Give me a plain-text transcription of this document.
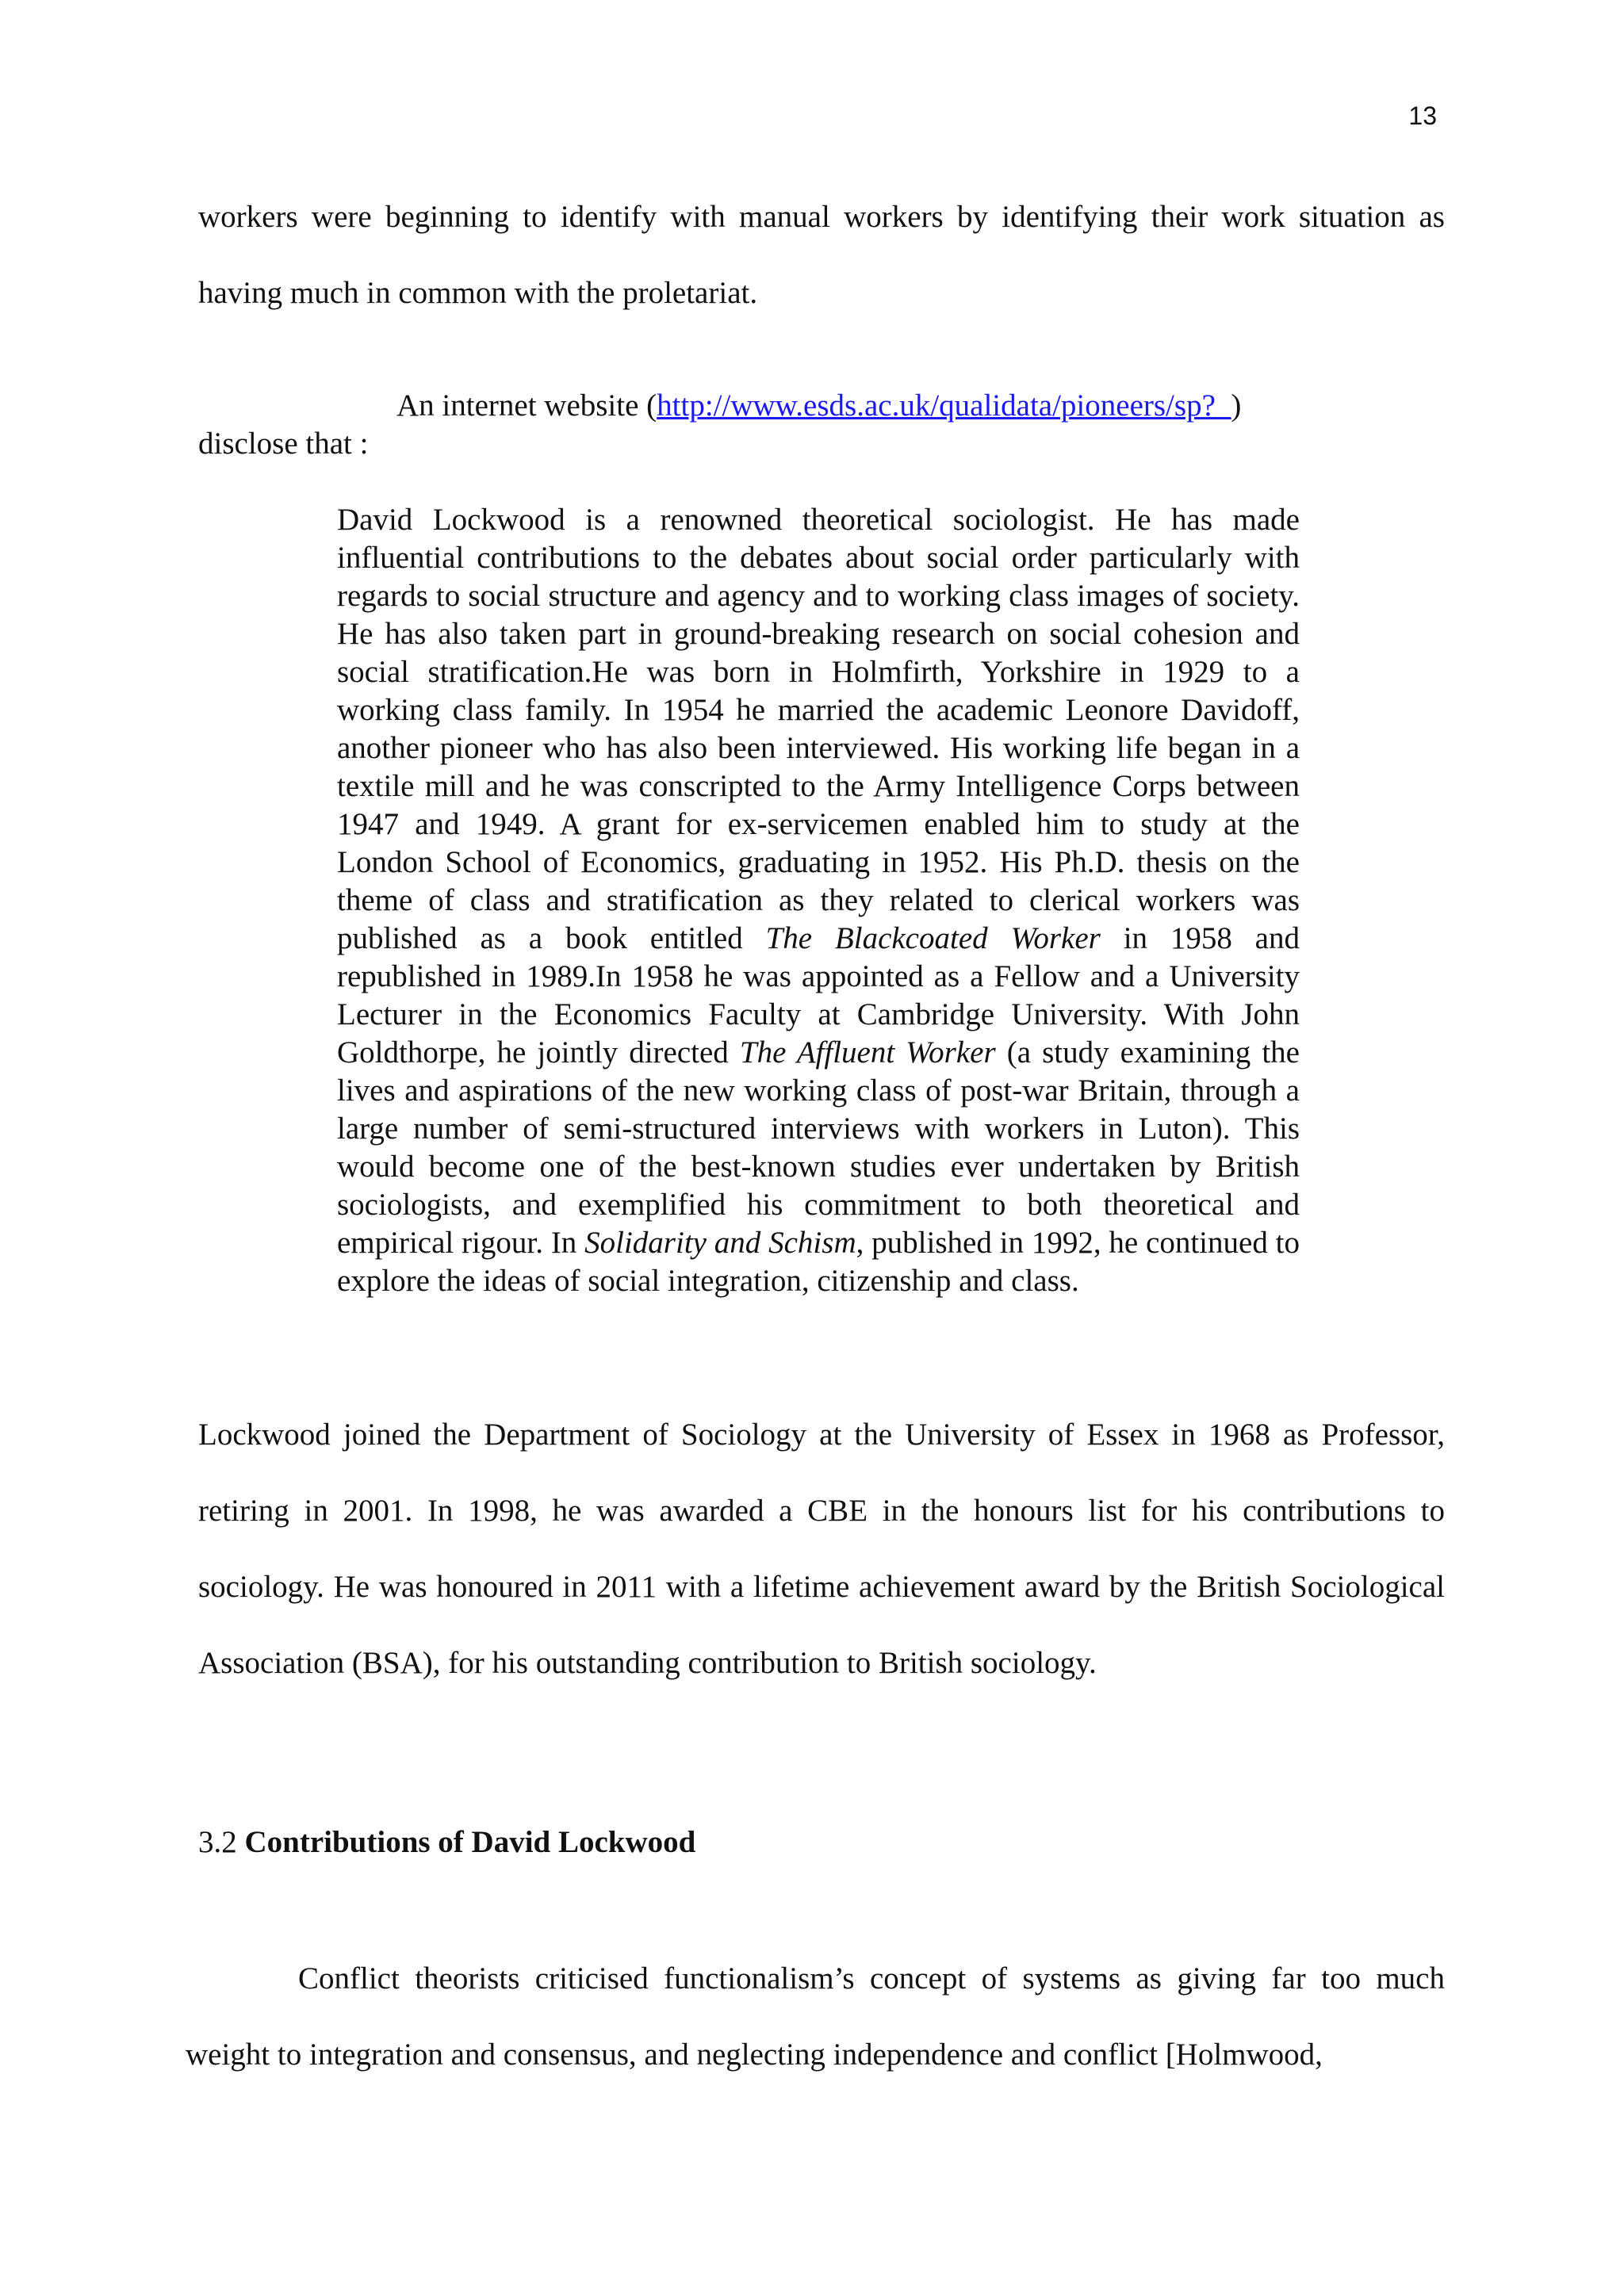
13

workers were beginning to identify with manual workers by identifying their work situation as having much in common with the proletariat.

An internet website (http://www.esds.ac.uk/qualidata/pioneers/sp?_)
disclose that :

David Lockwood is a renowned theoretical sociologist. He has made influential contributions to the debates about social order particularly with regards to social structure and agency and to working class images of society. He has also taken part in ground-breaking research on social cohesion and social stratification.He was born in Holmfirth, Yorkshire in 1929 to a working class family. In 1954 he married the academic Leonore Davidoff, another pioneer who has also been interviewed. His working life began in a textile mill and he was conscripted to the Army Intelligence Corps between 1947 and 1949. A grant for ex-servicemen enabled him to study at the London School of Economics, graduating in 1952. His Ph.D. thesis on the theme of class and stratification as they related to clerical workers was published as a book entitled The Blackcoated Worker in 1958 and republished in 1989.In 1958 he was appointed as a Fellow and a University Lecturer in the Economics Faculty at Cambridge University. With John Goldthorpe, he jointly directed The Affluent Worker (a study examining the lives and aspirations of the new working class of post-war Britain, through a large number of semi-structured interviews with workers in Luton). This would become one of the best-known studies ever undertaken by British sociologists, and exemplified his commitment to both theoretical and empirical rigour. In Solidarity and Schism, published in 1992, he continued to explore the ideas of social integration, citizenship and class.

Lockwood joined the Department of Sociology at the University of Essex in 1968 as Professor, retiring in 2001. In 1998, he was awarded a CBE in the honours list for his contributions to sociology. He was honoured in 2011 with a lifetime achievement award by the British Sociological Association (BSA), for his outstanding contribution to British sociology.

3.2 Contributions of David Lockwood

Conflict theorists criticised functionalism’s concept of systems as giving far too much weight to integration and consensus, and neglecting independence and conflict [Holmwood,
